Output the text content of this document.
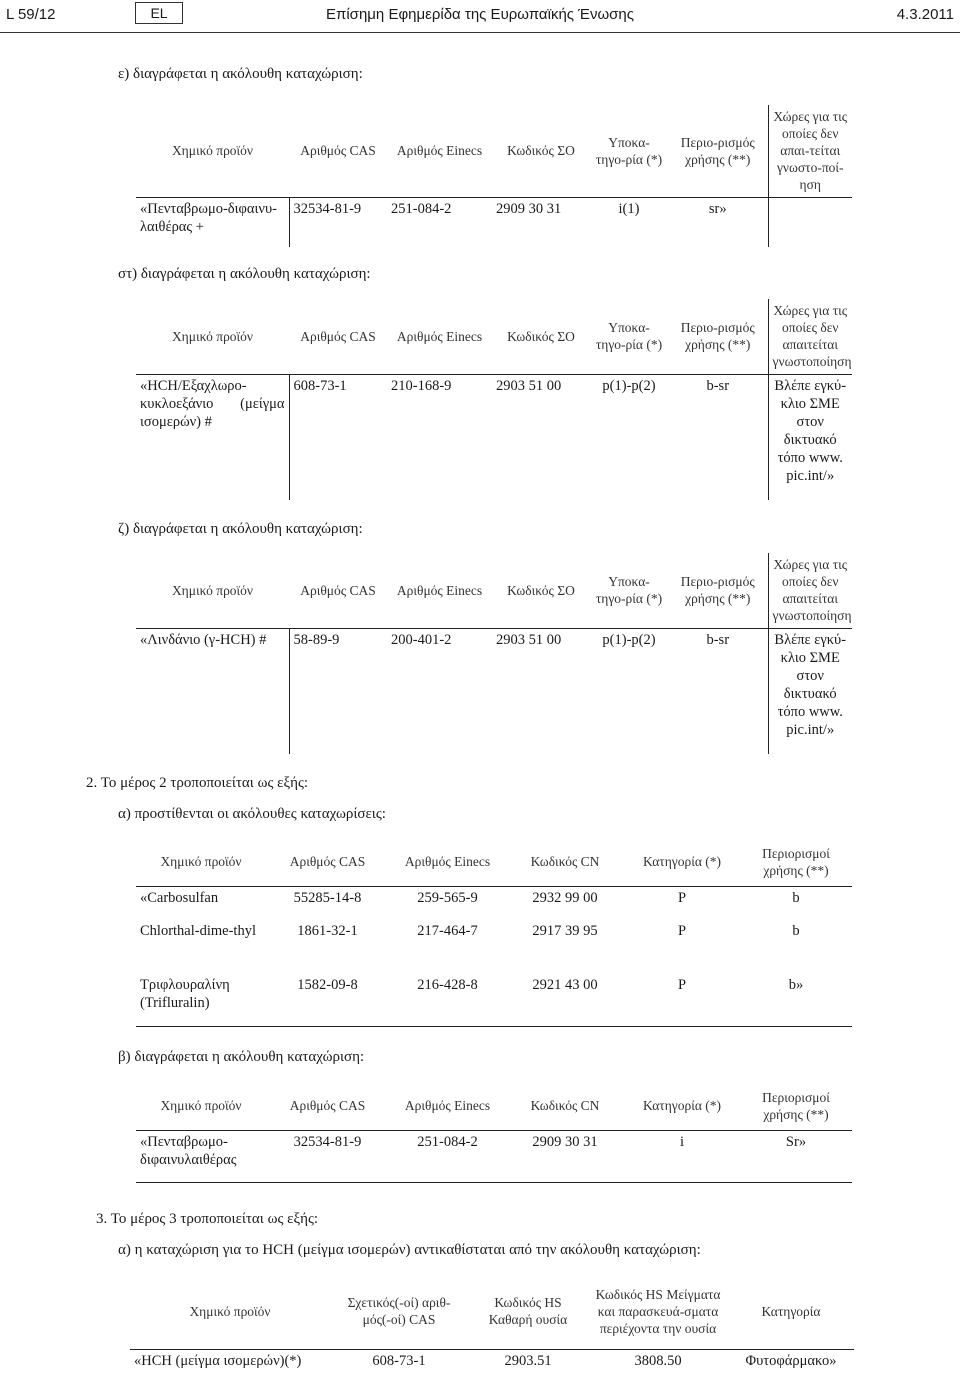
L 59/12	EL	Επίσημη Εφημερίδα της Ευρωπαϊκής Ένωσης	4.3.2011
ε) διαγράφεται η ακόλουθη καταχώριση:
Χημικό προϊόν	Αριθμός CAS	Αριθμός Einecs	Κωδικός ΣΟ	Υποκα-τηγο-ρία (*)	Περιο-ρισμός χρήσης (**)	Χώρες για τις οποίες δεν απαι-τείται γνωστο-ποί-ηση
«Πενταβρωμο-διφαινυ-λαιθέρας +	32534-81-9	251-084-2	2909 30 31	i(1)	sr»	
στ) διαγράφεται η ακόλουθη καταχώριση:
Χημικό προϊόν	Αριθμός CAS	Αριθμός Einecs	Κωδικός ΣΟ	Υποκα-τηγο-ρία (*)	Περιο-ρισμός χρήσης (**)	Χώρες για τις οποίες δεν απαιτείται γνωστοποίηση
«HCH/Εξαχλωρο-κυκλοεξάνιο (μείγμα ισομερών) #	608-73-1	210-168-9	2903 51 00	p(1)-p(2)	b-sr	Βλέπε εγκύ-κλιο ΣΜΕ στον δικτυακό τόπο www. pic.int/»
ζ) διαγράφεται η ακόλουθη καταχώριση:
Χημικό προϊόν	Αριθμός CAS	Αριθμός Einecs	Κωδικός ΣΟ	Υποκα-τηγο-ρία (*)	Περιο-ρισμός χρήσης (**)	Χώρες για τις οποίες δεν απαιτείται γνωστοποίηση
«Λινδάνιο (γ-HCH) #	58-89-9	200-401-2	2903 51 00	p(1)-p(2)	b-sr	Βλέπε εγκύ-κλιο ΣΜΕ στον δικτυακό τόπο www. pic.int/»
2. Το μέρος 2 τροποποιείται ως εξής:
α) προστίθενται οι ακόλουθες καταχωρίσεις:
Χημικό προϊόν	Αριθμός CAS	Αριθμός Einecs	Κωδικός CN	Κατηγορία (*)	Περιορισμοί χρήσης (**)
«Carbosulfan	55285-14-8	259-565-9	2932 99 00	P	b
Chlorthal-dime-thyl	1861-32-1	217-464-7	2917 39 95	P	b
Τριφλουραλίνη (Trifluralin)	1582-09-8	216-428-8	2921 43 00	P	b»
β) διαγράφεται η ακόλουθη καταχώριση:
Χημικό προϊόν	Αριθμός CAS	Αριθμός Einecs	Κωδικός CN	Κατηγορία (*)	Περιορισμοί χρήσης (**)
«Πενταβρωμο-διφαινυλαιθέρας	32534-81-9	251-084-2	2909 30 31	i	Sr»
3. Το μέρος 3 τροποποιείται ως εξής:
α) η καταχώριση για το HCH (μείγμα ισομερών) αντικαθίσταται από την ακόλουθη καταχώριση:
Χημικό προϊόν	Σχετικός(-οί) αριθ-μός(-οί) CAS	Κωδικός HS Καθαρή ουσία	Κωδικός HS Μείγματα και παρασκευά-σματα περιέχοντα την ουσία	Κατηγορία
«HCH (μείγμα ισομερών)(*)	608-73-1	2903.51	3808.50	Φυτοφάρμακο»
